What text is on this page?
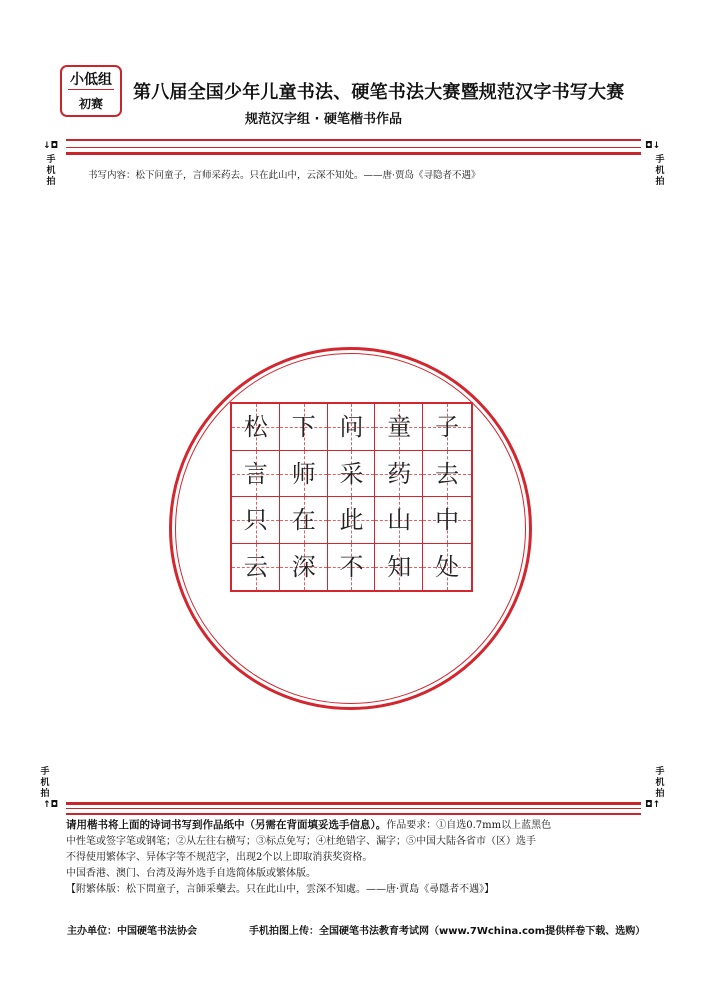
小低组
初赛
第八届全国少年儿童书法、硬笔书法大赛暨规范汉字书写大赛
规范汉字组 · 硬笔楷书作品
↓◘
手
机
拍
◘↓
手
机
拍
书写内容：松下问童子，言师采药去。只在此山中，云深不知处。——唐·贾岛《寻隐者不遇》
松 下 问 童 子
言 师 采 药 去
只 在 此 山 中
云 深 不 知 处
手
机
拍
↑◘
手
机
拍
◘↑

请用楷书将上面的诗词书写到作品纸中（另需在背面填妥选手信息）。作品要求：①自选0.7mm以上蓝黑色

中性笔或签字笔或钢笔；②从左往右横写；③标点免写；④杜绝错字、漏字；⑤中国大陆各省市（区）选手

不得使用繁体字、异体字等不规范字，出现2个以上即取消获奖资格。

中国香港、澳门、台湾及海外选手自选简体版或繁体版。

【附繁体版：松下問童子，言師采藥去。只在此山中，雲深不知處。——唐·賈島《尋隱者不遇》】

主办单位：中国硬笔书法协会	手机拍图上传：全国硬笔书法教育考试网（www.7Wchina.com提供样卷下载、选购）
